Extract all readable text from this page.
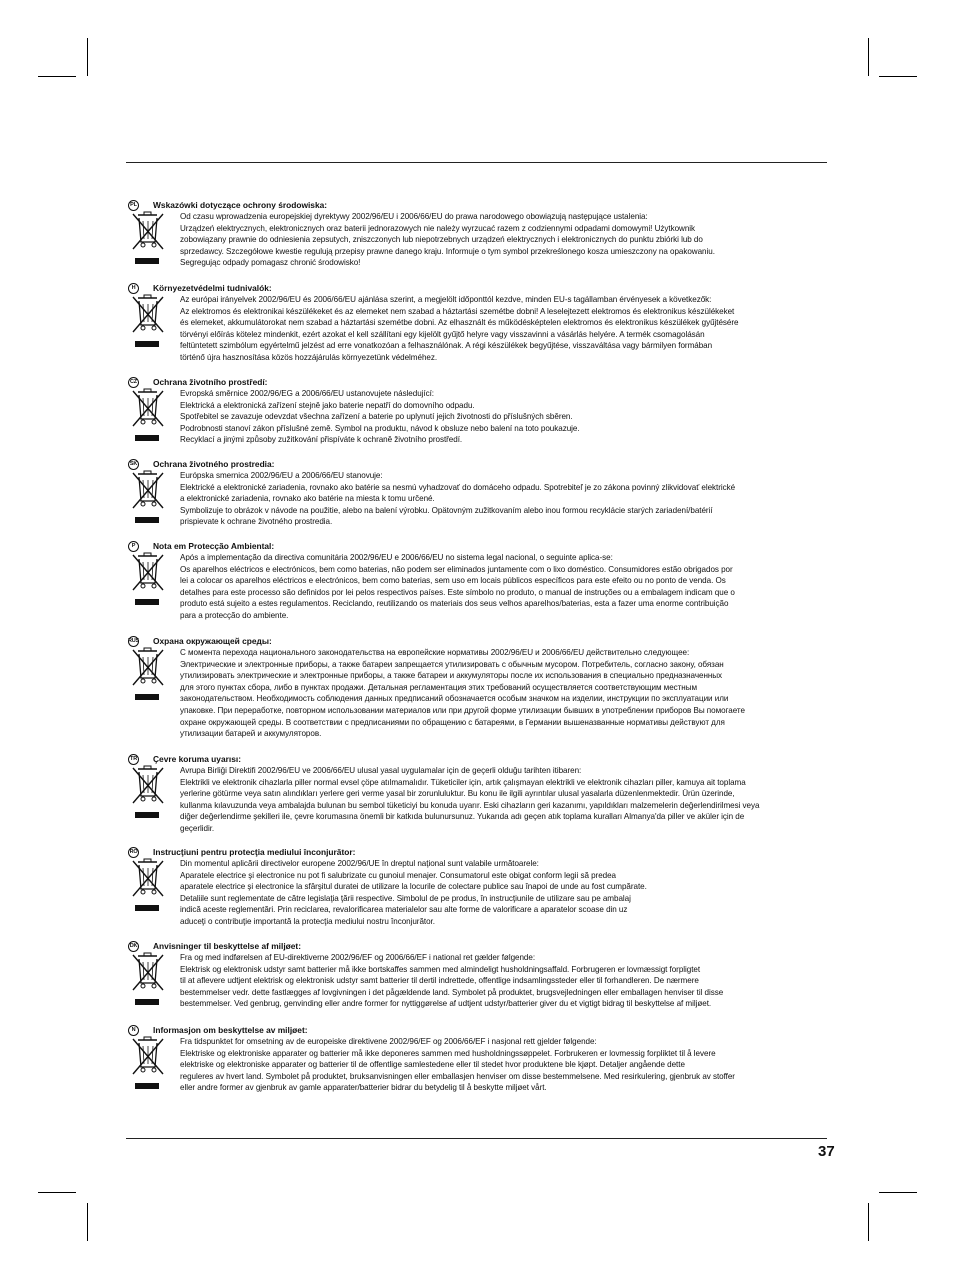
PL Wskazówki dotyczące ochrony środowiska:
Od czasu wprowadzenia europejskiej dyrektywy 2002/96/EU i 2006/66/EU do prawa narodowego obowiązują następujące ustalenia:
Urządzeń elektrycznych, elektronicznych oraz baterii jednorazowych nie należy wyrzucać razem z codziennymi odpadami domowymi! Użytkownik
zobowiązany prawnie do odniesienia zepsutych, zniszczonych lub niepotrzebnych urządzeń elektrycznych i elektronicznych do punktu zbiórki lub do
sprzedawcy. Szczegółowe kwestie regulują przepisy prawne danego kraju. Informuje o tym symbol przekreślonego kosza umieszczony na opakowaniu.
Segregując odpady pomagasz chronić środowisko!
H	Környezetvédelmi tudnivalók:
Az európai irányelvek 2002/96/EU és 2006/66/EU ajánlása szerint, a megjelölt időponttól kezdve, minden EU-s tagállamban érvényesek a következők:
Az elektromos és elektronikai készülékeket és az elemeket nem szabad a háztartási szemétbe dobni! A leselejtezett elektromos és elektronikus készülékeket
és elemeket, akkumulátorokat nem szabad a háztartási szemétbe dobni. Az elhasznált és működésképtelen elektromos és elektronikus készülékek gyűjtésére
törvényi előírás kötelez mindenkit, ezért azokat el kell szállítani egy kijelölt gyűjtő helyre vagy visszavinni a vásárlás helyére. A termék csomagolásán
feltüntetett szimbólum egyértelmű jelzést ad erre vonatkozóan a felhasználónak. A régi készülékek begyűjtése, visszaváltása vagy bármilyen formában
történő újra hasznosítása közös hozzájárulás környezetünk védelméhez.
CZ Ochrana životního prostředí:
Evropská směrnice 2002/96/EG a 2006/66/EU ustanovujete následující:
Elektrická a elektronická zařízení stejně jako baterie nepatří do domovního odpadu.
Spotřebitel se zavazuje odevzdat všechna zařízení a baterie po uplynutí jejich životnosti do příslušných sběren.
Podrobnosti stanoví zákon příslušné země. Symbol na produktu, návod k obsluze nebo balení na toto poukazuje.
Recyklací a jinými způsoby zužitkování přispíváte k ochraně životního prostředí.
SK Ochrana životného prostredia:
Európska smernica 2002/96/EU a 2006/66/EU stanovuje:
Elektrické a elektronické zariadenia, rovnako ako batérie sa nesmú vyhadzovať do domáceho odpadu. Spotrebiteľ je zo zákona povinný zlikvidovať elektrické
a elektronické zariadenia, rovnako ako batérie na miesta k tomu určené.
Symbolizuje to obrázok v návode na použitie, alebo na balení výrobku. Opätovným zužitkovaním alebo inou formou recyklácie starých zariadení/batérií
prispievate k ochrane životného prostredia.
P	Nota em Protecção Ambiental:
Após a implementação da directiva comunitária 2002/96/EU e 2006/66/EU no sistema legal nacional, o seguinte aplica-se:
Os aparelhos eléctricos e electrónicos, bem como baterias, não podem ser eliminados juntamente com o lixo doméstico. Consumidores estão obrigados por
lei a colocar os aparelhos eléctricos e electrónicos, bem como baterias, sem uso em locais públicos específicos para este efeito ou no ponto de venda. Os
detalhes para este processo são definidos por lei pelos respectivos países. Este símbolo no produto, o manual de instruções ou a embalagem indicam que o
produto está sujeito a estes regulamentos. Reciclando, reutilizando os materiais dos seus velhos aparelhos/baterias, esta a fazer uma enorme contribuição
para a protecção do ambiente.
RUS Охрана окружающей среды:
С момента перехода национального законодательства на европейские нормативы 2002/96/EU и 2006/66/EU действительно следующее:
Электрические и электронные приборы, а также батареи запрещается утилизировать с обычным мусором. Потребитель, согласно закону, обязан
утилизировать электрические и электронные приборы, а также батареи и аккумуляторы после их использования в специально предназначенных
для этого пунктах сбора, либо в пунктах продажи. Детальная регламентация этих требований осуществляется соответствующим местным
законодательством. Необходимость соблюдения данных предписаний обозначается особым значком на изделии, инструкции по эксплуатации или
упаковке. При переработке, повторном использовании материалов или при другой форме утилизации бывших в употреблении приборов Вы помогаете
охране окружающей среды. В соответствии с предписаниями по обращению с батареями, в Германии вышеназванные нормативы действуют для
утилизации батарей и аккумуляторов.
TR Çevre koruma uyarısı:
Avrupa Birliği Direktifi 2002/96/EU ve 2006/66/EU ulusal yasal uygulamalar için de geçerli olduğu tarihten itibaren:
Elektrikli ve elektronik cihazlarla piller normal evsel çöpe atılmamalıdır. Tüketiciler için, artık çalışmayan elektrikli ve elektronik cihazları piller, kamuya ait toplama
yerlerine götürme veya satın alındıkları yerlere geri verme yasal bir zorunluluktur. Bu konu ile ilgili ayrıntılar ulusal yasalarla düzenlenmektedir. Ürün üzerinde,
kullanma kılavuzunda veya ambalajda bulunan bu sembol tüketiciyi bu konuda uyarır. Eski cihazların geri kazanımı, yapıldıkları malzemelerin değerlendirilmesi veya
diğer değerlendirme şekilleri ile, çevre korumasına önemli bir katkıda bulunursunuz. Yukarıda adı geçen atık toplama kuralları Almanya'da piller ve aküler için de
geçerlidir.
RO Instrucţiuni pentru protecţia mediului înconjurător:
Din momentul aplicării directivelor europene 2002/96/UE în dreptul naţional sunt valabile următoarele:
Aparatele electrice şi electronice nu pot fi salubrizate cu gunoiul menajer. Consumatorul este obigat conform legii să predea
aparatele electrice şi electronice la sfârşitul duratei de utilizare la locurile de colectare publice sau înapoi de unde au fost cumpărate.
Detaliile sunt reglementate de către legislaţia ţării respective. Simbolul de pe produs, în instrucţiunile de utilizare sau pe ambalaj
indică aceste reglementări. Prin reciclarea, revalorificarea materialelor sau alte forme de valorificare a aparatelor scoase din uz
aduceţi o contribuţie importantă la protecţia mediului nostru înconjurător.
DK Anvisninger til beskyttelse af miljøet:
Fra og med indførelsen af EU-direktiverne 2002/96/EF og 2006/66/EF i national ret gælder følgende:
Elektrisk og elektronisk udstyr samt batterier må ikke bortskaffes sammen med almindeligt husholdningsaffald. Forbrugeren er lovmæssigt forpligtet
til at aflevere udtjent elektrisk og elektronisk udstyr samt batterier til dertil indrettede, offentlige indsamlingssteder eller til forhandleren. De nærmere
bestemmelser vedr. dette fastlægges af lovgivningen i det pågældende land. Symbolet på produktet, brugsvejledningen eller emballagen henviser til disse
bestemmelser. Ved genbrug, genvinding eller andre former for nyttiggørelse af udtjent udstyr/batterier giver du et vigtigt bidrag til beskyttelse af miljøet.
N	Informasjon om beskyttelse av miljøet:
Fra tidspunktet for omsetning av de europeiske direktivene 2002/96/EF og 2006/66/EF i nasjonal rett gjelder følgende:
Elektriske og elektroniske apparater og batterier må ikke deponeres sammen med husholdningssøppelet. Forbrukeren er lovmessig forpliktet til å levere
elektriske og elektroniske apparater og batterier til de offentlige samlestedene eller til stedet hvor produktene ble kjøpt. Detaljer angående dette
reguleres av hvert land. Symbolet på produktet, bruksanvisningen eller emballasjen henviser om disse bestemmelsene. Med resirkulering, gjenbruk av stoffer
eller andre former av gjenbruk av gamle apparater/batterier bidrar du betydelig til å beskytte miljøet vårt.
37
